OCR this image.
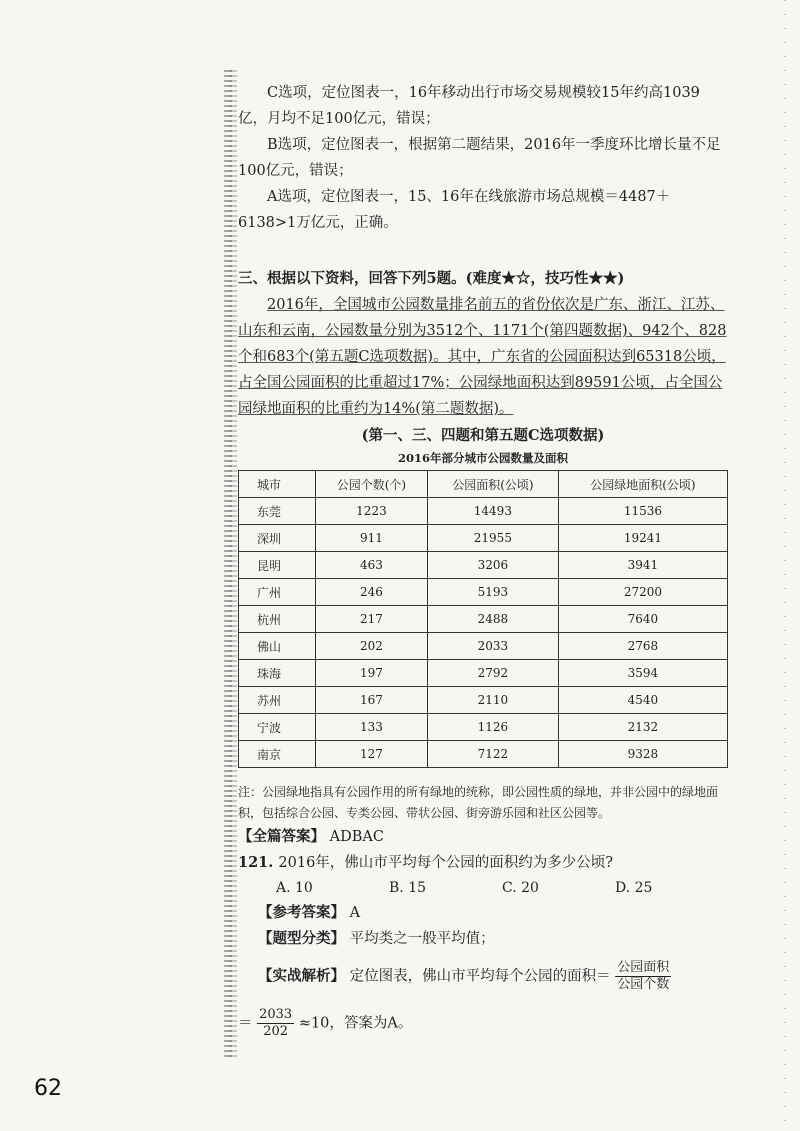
C选项，定位图表一，16年移动出行市场交易规模较15年约高1039亿，月均不足100亿元，错误；

B选项，定位图表一，根据第二题结果，2016年一季度环比增长量不足100亿元，错误；

A选项，定位图表一，15、16年在线旅游市场总规模＝4487＋6138>1万亿元，正确。

三、根据以下资料，回答下列5题。(难度★☆，技巧性★★)

2016年，全国城市公园数量排名前五的省份依次是广东、浙江、江苏、山东和云南，公园数量分别为3512个、1171个(第四题数据)、942个、828个和683个(第五题C选项数据)。其中，广东省的公园面积达到65318公顷，占全国公园面积的比重超过17%；公园绿地面积达到89591公顷，占全国公园绿地面积的比重约为14%(第二题数据)。

(第一、三、四题和第五题C选项数据)
2016年部分城市公园数量及面积
城市	公园个数(个)	公园面积(公顷)	公园绿地面积(公顷)
东莞	1223	14493	11536
深圳	911	21955	19241
昆明	463	3206	3941
广州	246	5193	27200
杭州	217	2488	7640
佛山	202	2033	2768
珠海	197	2792	3594
苏州	167	2110	4540
宁波	133	1126	2132
南京	127	7122	9328

注：公园绿地指具有公园作用的所有绿地的统称，即公园性质的绿地，并非公园中的绿地面积，包括综合公园、专类公园、带状公园、街旁游乐园和社区公园等。

【全篇答案】 ADBAC
121. 2016年，佛山市平均每个公园的面积约为多少公顷?
A. 10	B. 15	C. 20	D. 25
【参考答案】 A
【题型分类】 平均类之一般平均值；
【实战解析】 定位图表，佛山市平均每个公园的面积＝ $\frac{\text{公园面积}}{\text{公园个数}}$
＝ $\frac{2033}{202} \approx 10$，答案为A。
62
